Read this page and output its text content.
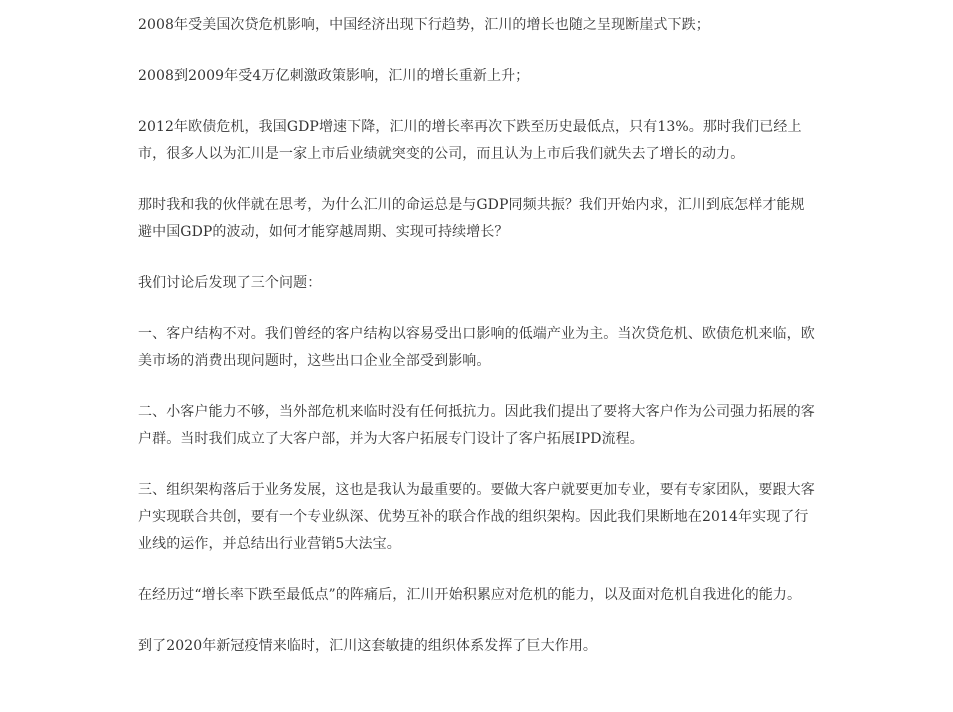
2008年受美国次贷危机影响，中国经济出现下行趋势，汇川的增长也随之呈现断崖式下跌；

2008到2009年受4万亿刺激政策影响，汇川的增长重新上升；

2012年欧债危机，我国GDP增速下降，汇川的增长率再次下跌至历史最低点，只有13%。那时我们已经上市，很多人以为汇川是一家上市后业绩就突变的公司，而且认为上市后我们就失去了增长的动力。

那时我和我的伙伴就在思考，为什么汇川的命运总是与GDP同频共振？我们开始内求，汇川到底怎样才能规避中国GDP的波动，如何才能穿越周期、实现可持续增长？

我们讨论后发现了三个问题：

一、客户结构不对。我们曾经的客户结构以容易受出口影响的低端产业为主。当次贷危机、欧债危机来临，欧美市场的消费出现问题时，这些出口企业全部受到影响。

二、小客户能力不够，当外部危机来临时没有任何抵抗力。因此我们提出了要将大客户作为公司强力拓展的客户群。当时我们成立了大客户部，并为大客户拓展专门设计了客户拓展IPD流程。

三、组织架构落后于业务发展，这也是我认为最重要的。要做大客户就要更加专业，要有专家团队，要跟大客户实现联合共创，要有一个专业纵深、优势互补的联合作战的组织架构。因此我们果断地在2014年实现了行业线的运作，并总结出行业营销5大法宝。

在经历过“增长率下跌至最低点”的阵痛后，汇川开始积累应对危机的能力，以及面对危机自我进化的能力。

到了2020年新冠疫情来临时，汇川这套敏捷的组织体系发挥了巨大作用。
